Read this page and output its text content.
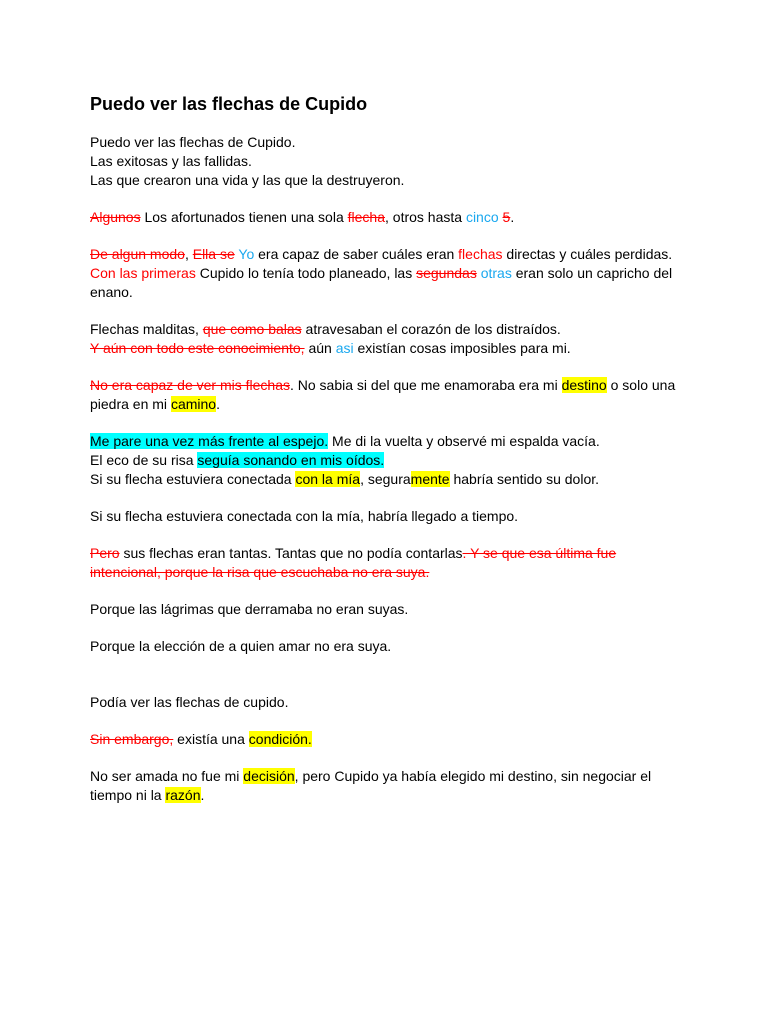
Puedo ver las flechas de Cupido

Puedo ver las flechas de Cupido.
Las exitosas y las fallidas.
Las que crearon una vida y las que la destruyeron.

Algunos Los afortunados tienen una sola flecha, otros hasta cinco 5.

De algun modo, Ella se Yo era capaz de saber cuáles eran flechas directas y cuáles perdidas.
Con las primeras Cupido lo tenía todo planeado, las segundas otras eran solo un capricho del
enano.

Flechas malditas, que como balas atravesaban el corazón de los distraídos.
Y aún con todo este conocimiento, aún asi existían cosas imposibles para mi.

No era capaz de ver mis flechas. No sabia si del que me enamoraba era mi destino o solo una
piedra en mi camino.

Me pare una vez más frente al espejo. Me di la vuelta y observé mi espalda vacía.
El eco de su risa seguía sonando en mis oídos.
Si su flecha estuviera conectada con la mía, seguramente habría sentido su dolor.

Si su flecha estuviera conectada con la mía, habría llegado a tiempo.

Pero sus flechas eran tantas. Tantas que no podía contarlas. Y se que esa última fue
intencional, porque la risa que escuchaba no era suya.

Porque las lágrimas que derramaba no eran suyas.

Porque la elección de a quien amar no era suya.

Podía ver las flechas de cupido.

Sin embargo, existía una condición.

No ser amada no fue mi decisión, pero Cupido ya había elegido mi destino, sin negociar el
tiempo ni la razón.
